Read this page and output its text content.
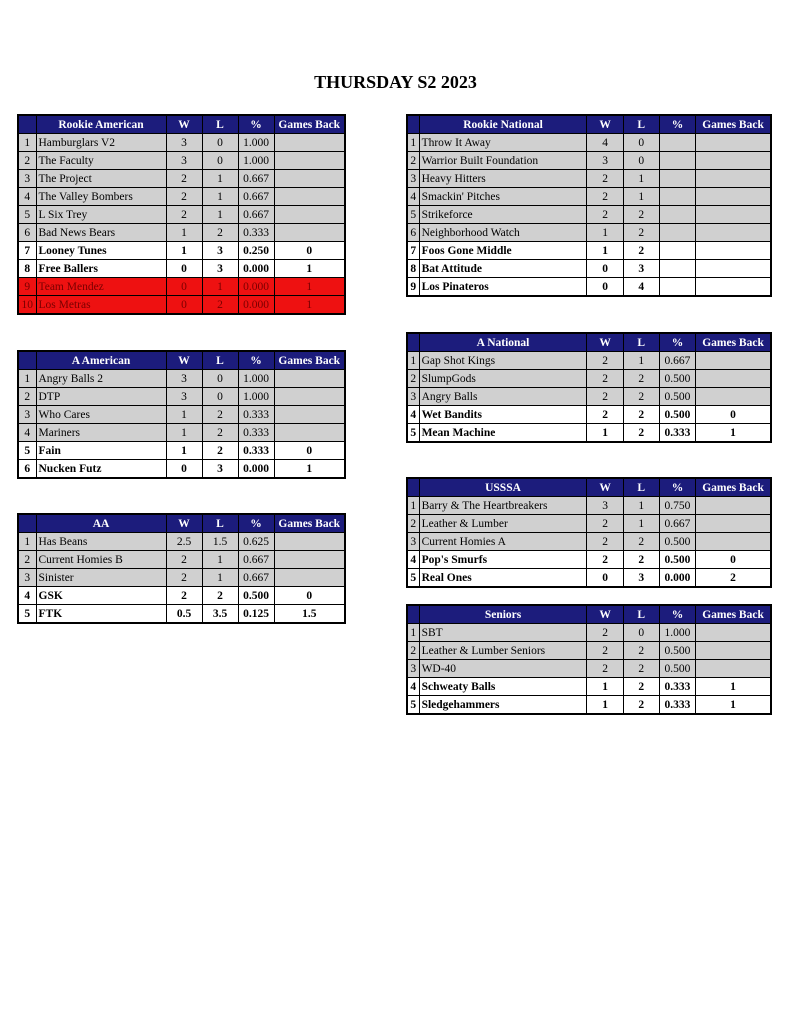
THURSDAY S2 2023
	Rookie American	W	L	%	Games Back
1	Hamburglars V2	3	0	1.000	
2	The Faculty	3	0	1.000	
3	The Project	2	1	0.667	
4	The Valley Bombers	2	1	0.667	
5	L Six Trey	2	1	0.667	
6	Bad News Bears	1	2	0.333	
7	Looney Tunes	1	3	0.250	0
8	Free Ballers	0	3	0.000	1
9	Team Mendez	0	1	0.000	1
10	Los Metras	0	2	0.000	1
	A American	W	L	%	Games Back
1	Angry Balls 2	3	0	1.000	
2	DTP	3	0	1.000	
3	Who Cares	1	2	0.333	
4	Mariners	1	2	0.333	
5	Fain	1	2	0.333	0
6	Nucken Futz	0	3	0.000	1
	AA	W	L	%	Games Back
1	Has Beans	2.5	1.5	0.625	
2	Current Homies B	2	1	0.667	
3	Sinister	2	1	0.667	
4	GSK	2	2	0.500	0
5	FTK	0.5	3.5	0.125	1.5
	Rookie National	W	L	%	Games Back
1	Throw It Away	4	0		
2	Warrior Built Foundation	3	0		
3	Heavy Hitters	2	1		
4	Smackin' Pitches	2	1		
5	Strikeforce	2	2		
6	Neighborhood Watch	1	2		
7	Foos Gone Middle	1	2		
8	Bat Attitude	0	3		
9	Los Pinateros	0	4		
	A National	W	L	%	Games Back
1	Gap Shot Kings	2	1	0.667	
2	SlumpGods	2	2	0.500	
3	Angry Balls	2	2	0.500	
4	Wet Bandits	2	2	0.500	0
5	Mean Machine	1	2	0.333	1
	USSSA	W	L	%	Games Back
1	Barry & The Heartbreakers	3	1	0.750	
2	Leather & Lumber	2	1	0.667	
3	Current Homies A	2	2	0.500	
4	Pop's Smurfs	2	2	0.500	0
5	Real Ones	0	3	0.000	2
	Seniors	W	L	%	Games Back
1	SBT	2	0	1.000	
2	Leather & Lumber Seniors	2	2	0.500	
3	WD-40	2	2	0.500	
4	Schweaty Balls	1	2	0.333	1
5	Sledgehammers	1	2	0.333	1
